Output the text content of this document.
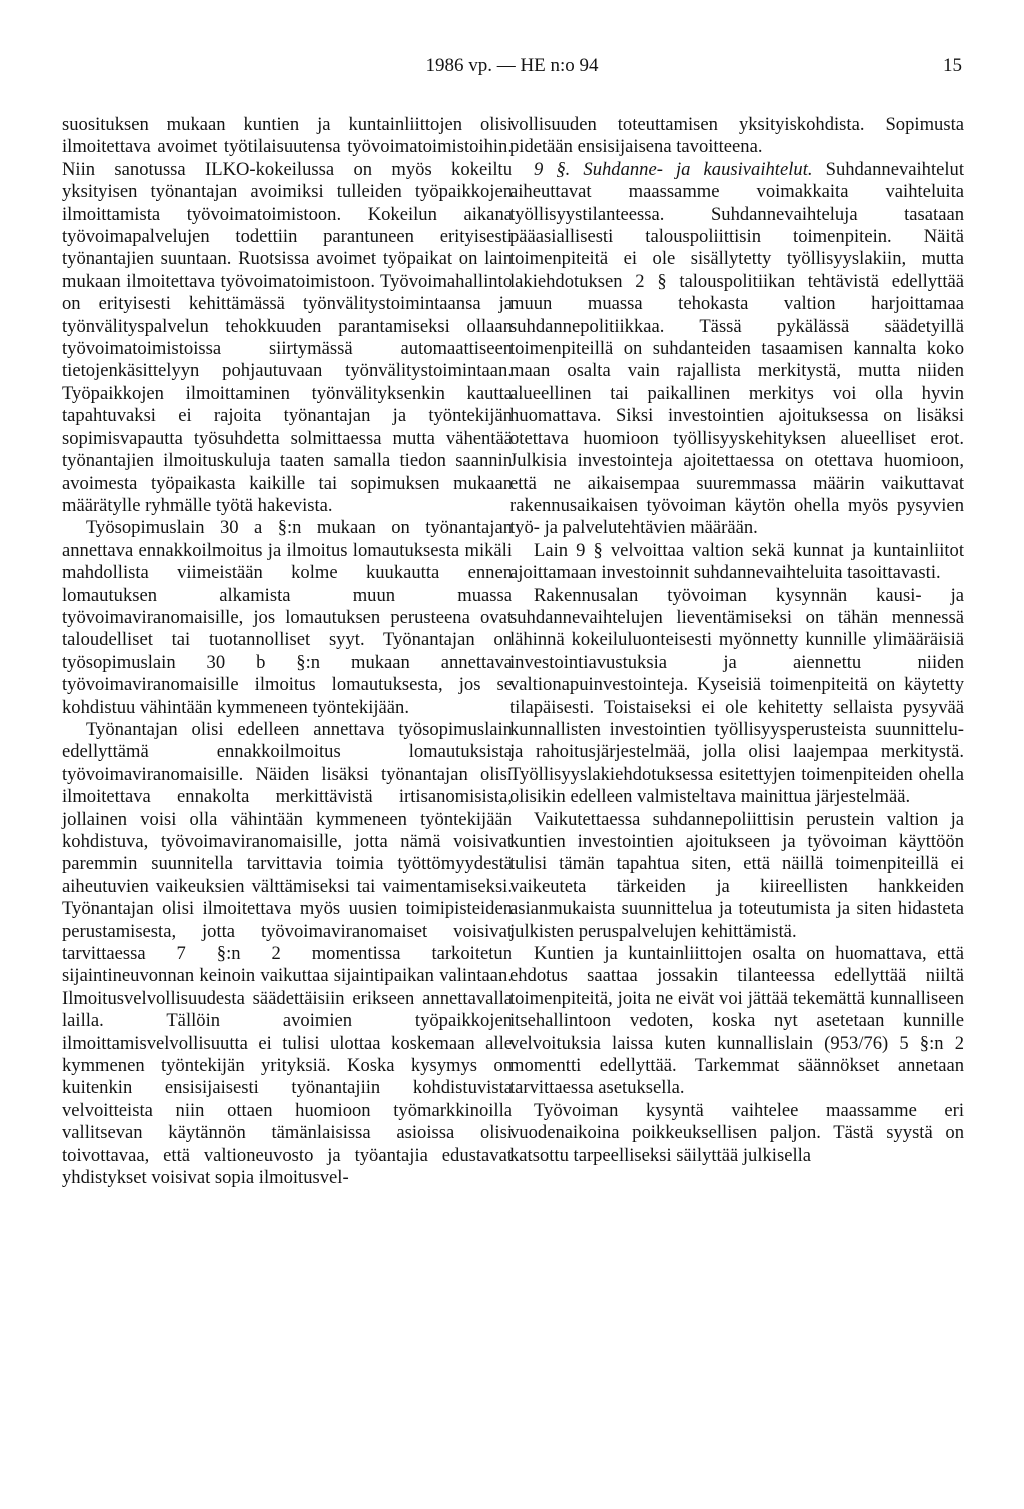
1986 vp. — HE n:o 94	15

suosituksen mukaan kuntien ja kuntainliittojen olisi ilmoitettava avoimet työtilaisuutensa työvoimatoimistoihin. Niin sanotussa ILKO-kokeilussa on myös kokeiltu yksityisen työnantajan avoimiksi tulleiden työpaikkojen ilmoittamista työvoimatoimistoon. Kokeilun aikana työvoimapalvelujen todettiin parantuneen erityisesti työnantajien suuntaan. Ruotsissa avoimet työpaikat on lain mukaan ilmoitettava työvoimatoimistoon. Työvoimahallinto on erityisesti kehittämässä työnvälitystoimintaansa ja työnvälityspalvelun tehokkuuden parantamiseksi ollaan työvoimatoimistoissa siirtymässä automaattiseen tietojenkäsittelyyn pohjautuvaan työnvälitystoimintaan. Työpaikkojen ilmoittaminen työnvälityksenkin kautta tapahtuvaksi ei rajoita työnantajan ja työntekijän sopimisvapautta työsuhdetta solmittaessa mutta vähentää työnantajien ilmoituskuluja taaten samalla tiedon saannin avoimesta työpaikasta kaikille tai sopimuksen mukaan määrätylle ryhmälle työtä hakevista.

Työsopimuslain 30 a §:n mukaan on työnantajan annettava ennakkoilmoitus ja ilmoitus lomautuksesta mikäli mahdollista viimeistään kolme kuukautta ennen lomautuksen alkamista muun muassa työvoimaviranomaisille, jos lomautuksen perusteena ovat taloudelliset tai tuotannolliset syyt. Työnantajan on työsopimuslain 30 b §:n mukaan annettava työvoimaviranomaisille ilmoitus lomautuksesta, jos se kohdistuu vähintään kymmeneen työntekijään.

Työnantajan olisi edelleen annettava työsopimuslain edellyttämä ennakkoilmoitus lomautuksista työvoimaviranomaisille. Näiden lisäksi työnantajan olisi ilmoitettava ennakolta merkittävistä irtisanomisista, jollainen voisi olla vähintään kymmeneen työntekijään kohdistuva, työvoimaviranomaisille, jotta nämä voisivat paremmin suunnitella tarvittavia toimia työttömyydestä aiheutuvien vaikeuksien välttämiseksi tai vaimentamiseksi. Työnantajan olisi ilmoitettava myös uusien toimipisteiden perustamisesta, jotta työvoimaviranomaiset voisivat tarvittaessa 7 §:n 2 momentissa tarkoitetun sijaintineuvonnan keinoin vaikuttaa sijaintipaikan valintaan. Ilmoitusvelvollisuudesta säädettäisiin erikseen annettavalla lailla. Tällöin avoimien työpaikkojen ilmoittamisvelvollisuutta ei tulisi ulottaa koskemaan alle kymmenen työntekijän yrityksiä. Koska kysymys on kuitenkin ensisijaisesti työnantajiin kohdistuvista velvoitteista niin ottaen huomioon työmarkkinoilla vallitsevan käytännön tämänlaisissa asioissa olisi toivottavaa, että valtioneuvosto ja työantajia edustavat yhdistykset voisivat sopia ilmoitusvel-

vollisuuden toteuttamisen yksityiskohdista. Sopimusta pidetään ensisijaisena tavoitteena.

9 §. Suhdanne- ja kausivaihtelut. Suhdannevaihtelut aiheuttavat maassamme voimakkaita vaihteluita työllisyystilanteessa. Suhdannevaihteluja tasataan pääasiallisesti talouspoliittisin toimenpitein. Näitä toimenpiteitä ei ole sisällytetty työllisyyslakiin, mutta lakiehdotuksen 2 § talouspolitiikan tehtävistä edellyttää muun muassa tehokasta valtion harjoittamaa suhdannepolitiikkaa. Tässä pykälässä säädetyillä toimenpiteillä on suhdanteiden tasaamisen kannalta koko maan osalta vain rajallista merkitystä, mutta niiden alueellinen tai paikallinen merkitys voi olla hyvin huomattava. Siksi investointien ajoituksessa on lisäksi otettava huomioon työllisyyskehityksen alueelliset erot. Julkisia investointeja ajoitettaessa on otettava huomioon, että ne aikaisempaa suuremmassa määrin vaikuttavat rakennusaikaisen työvoiman käytön ohella myös pysyvien työ- ja palvelutehtävien määrään.

Lain 9 § velvoittaa valtion sekä kunnat ja kuntainliitot ajoittamaan investoinnit suhdannevaihteluita tasoittavasti.

Rakennusalan työvoiman kysynnän kausi- ja suhdannevaihtelujen lieventämiseksi on tähän mennessä lähinnä kokeiluluonteisesti myönnetty kunnille ylimääräisiä investointiavustuksia ja aiennettu niiden valtionapuinvestointeja. Kyseisiä toimenpiteitä on käytetty tilapäisesti. Toistaiseksi ei ole kehitetty sellaista pysyvää kunnallisten investointien työllisyysperusteista suunnittelu- ja rahoitusjärjestelmää, jolla olisi laajempaa merkitystä. Työllisyyslakiehdotuksessa esitettyjen toimenpiteiden ohella olisikin edelleen valmisteltava mainittua järjestelmää.

Vaikutettaessa suhdannepoliittisin perustein valtion ja kuntien investointien ajoitukseen ja työvoiman käyttöön tulisi tämän tapahtua siten, että näillä toimenpiteillä ei vaikeuteta tärkeiden ja kiireellisten hankkeiden asianmukaista suunnittelua ja toteutumista ja siten hidasteta julkisten peruspalvelujen kehittämistä.

Kuntien ja kuntainliittojen osalta on huomattava, että ehdotus saattaa jossakin tilanteessa edellyttää niiltä toimenpiteitä, joita ne eivät voi jättää tekemättä kunnalliseen itsehallintoon vedoten, koska nyt asetetaan kunnille velvoituksia laissa kuten kunnallislain (953/76) 5 §:n 2 momentti edellyttää. Tarkemmat säännökset annetaan tarvittaessa asetuksella.

Työvoiman kysyntä vaihtelee maassamme eri vuodenaikoina poikkeuksellisen paljon. Tästä syystä on katsottu tarpeelliseksi säilyttää julkisella
